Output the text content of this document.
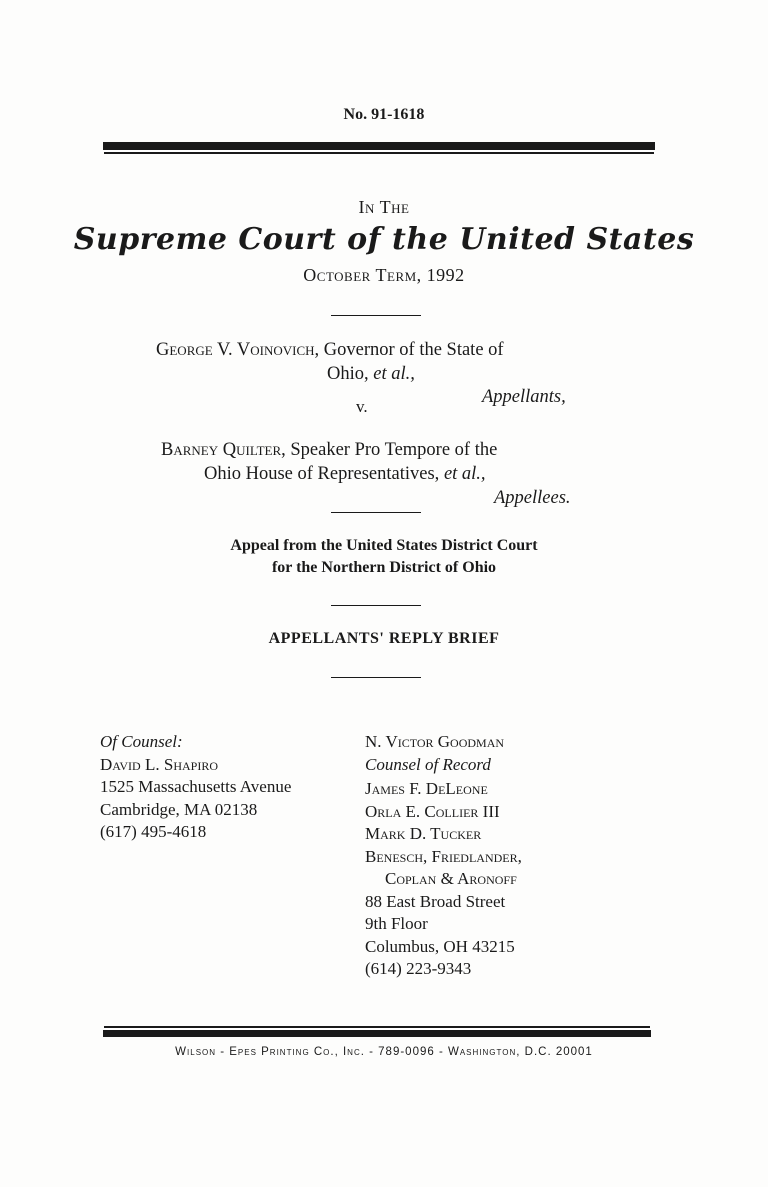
No. 91-1618
In The
Supreme Court of the United States
October Term, 1992
George V. Voinovich, Governor of the State of
Ohio, et al.,
Appellants,
v.
Barney Quilter, Speaker Pro Tempore of the
Ohio House of Representatives, et al.,
Appellees.
Appeal from the United States District Court
for the Northern District of Ohio
APPELLANTS' REPLY BRIEF
Of Counsel:
David L. Shapiro
1525 Massachusetts Avenue
Cambridge, MA 02138
(617) 495-4618
N. Victor Goodman
Counsel of Record
James F. DeLeone
Orla E. Collier III
Mark D. Tucker
Benesch, Friedlander,
Coplan & Aronoff
88 East Broad Street
9th Floor
Columbus, OH 43215
(614) 223-9343
Wilson - Epes Printing Co., Inc. - 789-0096 - Washington, D.C. 20001
